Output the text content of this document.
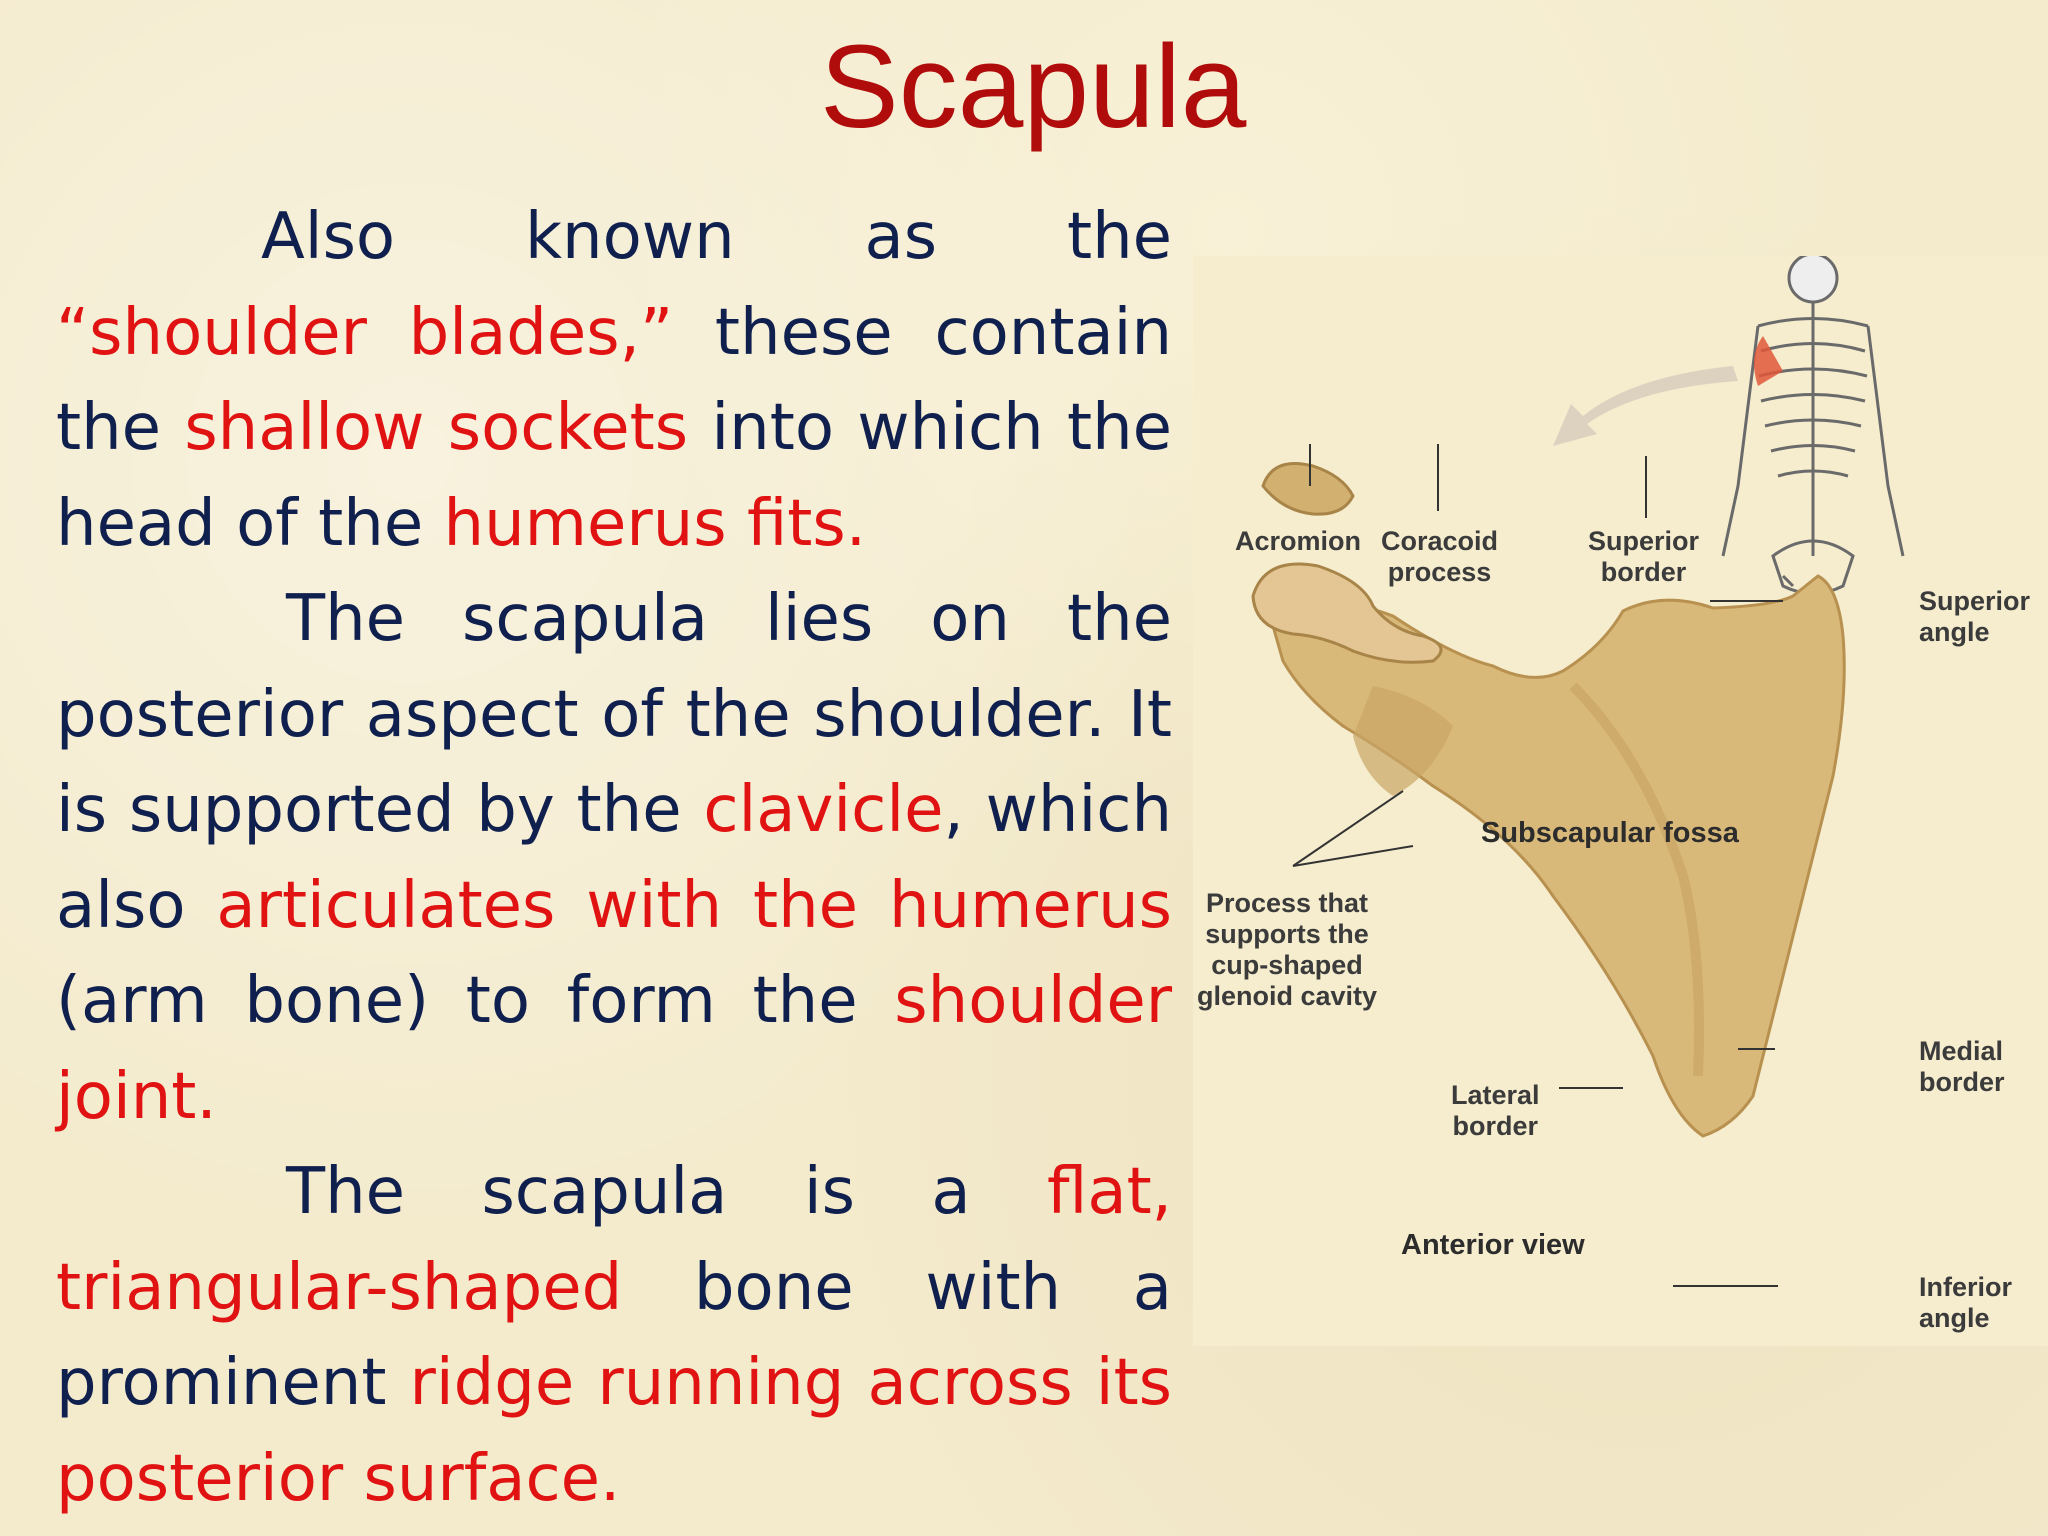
Scapula

Also known as the “shoulder blades,” these contain the shallow sockets into which the head of the humerus fits.

The scapula lies on the posterior aspect of the shoulder. It is supported by the clavicle, which also articulates with the humerus (arm bone) to form the shoulder joint.

The scapula is a flat, triangular-shaped bone with a prominent ridge running across its posterior surface.

Acromion Coracoid
process
Superior
border
Superior
angle
Subscapular fossa
Process that
supports the
cup-shaped
glenoid cavity
Medial
border
Lateral
border
Anterior view
Inferior
angle
